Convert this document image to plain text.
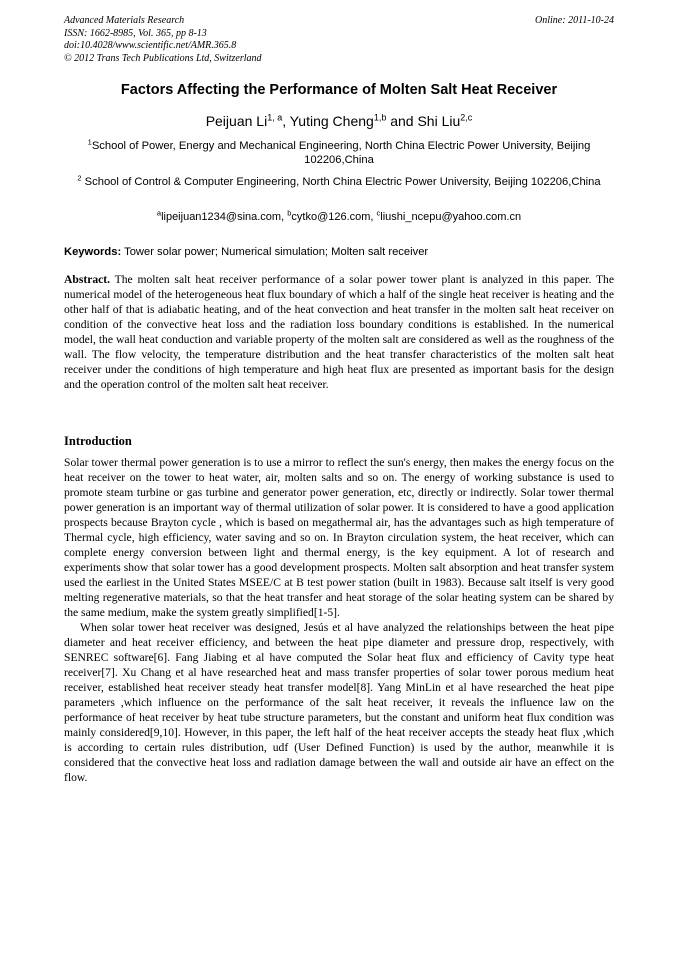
Advanced Materials Research
ISSN: 1662-8985, Vol. 365, pp 8-13
doi:10.4028/www.scientific.net/AMR.365.8
© 2012 Trans Tech Publications Ltd, Switzerland
Online: 2011-10-24
Factors Affecting the Performance of Molten Salt Heat Receiver
Peijuan Li$^{1, a}$, Yuting Cheng$^{1,b}$ and Shi Liu$^{2,c}$
$^1$School of Power, Energy and Mechanical Engineering, North China Electric Power University, Beijing 102206,China
$^2$ School of Control & Computer Engineering, North China Electric Power University, Beijing 102206,China
$^a$lipeijuan1234@sina.com, $^b$cytko@126.com, $^c$liushi_ncepu@yahoo.com.cn
Keywords: Tower solar power; Numerical simulation; Molten salt receiver
Abstract. The molten salt heat receiver performance of a solar power tower plant is analyzed in this paper. The numerical model of the heterogeneous heat flux boundary of which a half of the single heat receiver is heating and the other half of that is adiabatic heating, and of the heat convection and heat transfer in the molten salt heat receiver on condition of the convective heat loss and the radiation loss boundary conditions is established. In the numerical model, the wall heat conduction and variable property of the molten salt are considered as well as the roughness of the wall. The flow velocity, the temperature distribution and the heat transfer characteristics of the molten salt heat receiver under the conditions of high temperature and high heat flux are presented as important basis for the design and the operation control of the molten salt heat receiver.
Introduction

Solar tower thermal power generation is to use a mirror to reflect the sun's energy, then makes the energy focus on the heat receiver on the tower to heat water, air, molten salts and so on. The energy of working substance is used to promote steam turbine or gas turbine and generator power generation, etc, directly or indirectly. Solar tower thermal power generation is an important way of thermal utilization of solar power. It is considered to have a good application prospects because Brayton cycle , which is based on megathermal air, has the advantages such as high temperature of Thermal cycle, high efficiency, water saving and so on. In Brayton circulation system, the heat receiver, which can complete energy conversion between light and thermal energy, is the key equipment. A lot of research and experiments show that solar tower has a good development prospects. Molten salt absorption and heat transfer system used the earliest in the United States MSEE/C at B test power station (built in 1983). Because salt itself is very good melting regenerative materials, so that the heat transfer and heat storage of the solar heating system can be shared by the same medium, make the system greatly simplified[1-5].

When solar tower heat receiver was designed, Jesús et al have analyzed the relationships between the heat pipe diameter and heat receiver efficiency, and between the heat pipe diameter and pressure drop, respectively, with SENREC software[6]. Fang Jiabing et al have computed the Solar heat flux and efficiency of Cavity type heat receiver[7]. Xu Chang et al have researched heat and mass transfer properties of solar tower porous medium heat receiver, established heat receiver steady heat transfer model[8]. Yang MinLin et al have researched the heat pipe parameters ,which influence on the performance of the salt heat receiver, it reveals the influence law on the performance of heat receiver by heat tube structure parameters, but the constant and uniform heat flux condition was mainly considered[9,10]. However, in this paper, the left half of the heat receiver accepts the steady heat flux ,which is according to certain rules distribution, udf (User Defined Function) is used by the author, meanwhile it is considered that the convective heat loss and radiation damage between the wall and outside air have an effect on the flow.
